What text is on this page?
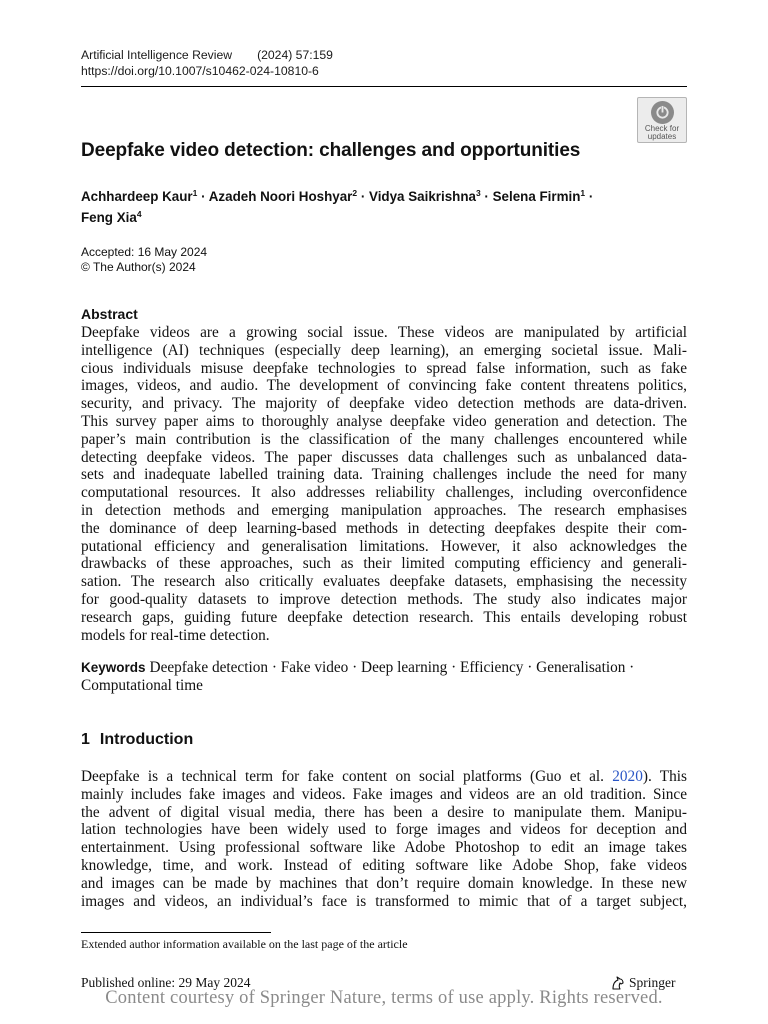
Artificial Intelligence Review (2024) 57:159
https://doi.org/10.1007/s10462-024-10810-6
Check for
updates
Deepfake video detection: challenges and opportunities
Achhardeep Kaur$^1$ · Azadeh Noori Hoshyar$^2$ · Vidya Saikrishna$^3$ · Selena Firmin$^1$ ·
Feng Xia$^4$
Accepted: 16 May 2024
© The Author(s) 2024
Abstract
Deepfake videos are a growing social issue. These videos are manipulated by artificial
intelligence (AI) techniques (especially deep learning), an emerging societal issue. Mali-
cious individuals misuse deepfake technologies to spread false information, such as fake
images, videos, and audio. The development of convincing fake content threatens politics,
security, and privacy. The majority of deepfake video detection methods are data-driven.
This survey paper aims to thoroughly analyse deepfake video generation and detection. The
paper’s main contribution is the classification of the many challenges encountered while
detecting deepfake videos. The paper discusses data challenges such as unbalanced data-
sets and inadequate labelled training data. Training challenges include the need for many
computational resources. It also addresses reliability challenges, including overconfidence
in detection methods and emerging manipulation approaches. The research emphasises
the dominance of deep learning-based methods in detecting deepfakes despite their com-
putational efficiency and generalisation limitations. However, it also acknowledges the
drawbacks of these approaches, such as their limited computing efficiency and generali-
sation. The research also critically evaluates deepfake datasets, emphasising the necessity
for good-quality datasets to improve detection methods. The study also indicates major
research gaps, guiding future deepfake detection research. This entails developing robust
models for real-time detection.
Keywords Deepfake detection · Fake video · Deep learning · Efficiency · Generalisation ·
Computational time
1 Introduction
Deepfake is a technical term for fake content on social platforms (Guo et al. 2020). This
mainly includes fake images and videos. Fake images and videos are an old tradition. Since
the advent of digital visual media, there has been a desire to manipulate them. Manipu-
lation technologies have been widely used to forge images and videos for deception and
entertainment. Using professional software like Adobe Photoshop to edit an image takes
knowledge, time, and work. Instead of editing software like Adobe Shop, fake videos
and images can be made by machines that don’t require domain knowledge. In these new
images and videos, an individual’s face is transformed to mimic that of a target subject,
Extended author information available on the last page of the article
Published online: 29 May 2024	Springer
Content courtesy of Springer Nature, terms of use apply. Rights reserved.
